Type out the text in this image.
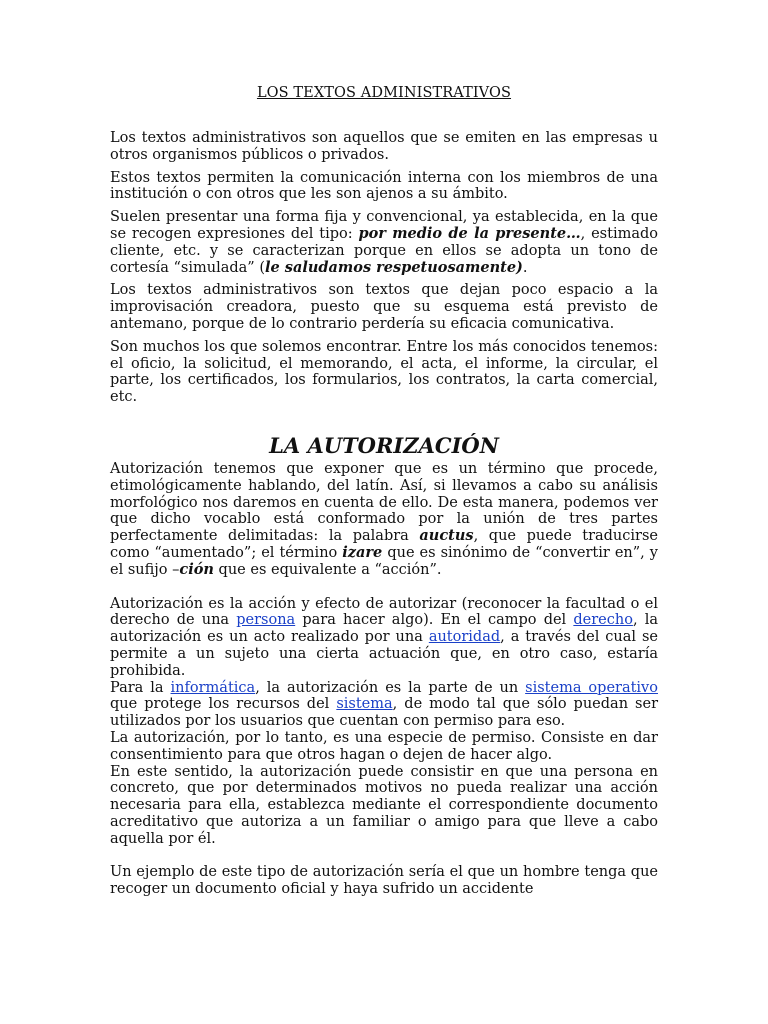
LOS TEXTOS ADMINISTRATIVOS

Los textos administrativos son aquellos que se emiten en las empresas u otros organismos públicos o privados.

Estos textos permiten la comunicación interna con los miembros de una institución o con otros que les son ajenos a su ámbito.

Suelen presentar una forma fija y convencional, ya establecida, en la que se recogen expresiones del tipo: por medio de la presente…, estimado cliente, etc. y se caracterizan porque en ellos se adopta un tono de cortesía “simulada” (le saludamos respetuosamente).

Los textos administrativos son textos que dejan poco espacio a la improvisación creadora, puesto que su esquema está previsto de antemano, porque de lo contrario perdería su eficacia comunicativa.

Son muchos los que solemos encontrar. Entre los más conocidos tenemos: el oficio, la solicitud, el memorando, el acta, el informe, la circular, el parte, los certificados, los formularios, los contratos, la carta comercial, etc.

LA AUTORIZACIÓN

Autorización tenemos que exponer que es un término que procede, etimológicamente hablando, del latín. Así, si llevamos a cabo su análisis morfológico nos daremos en cuenta de ello. De esta manera, podemos ver que dicho vocablo está conformado por la unión de tres partes perfectamente delimitadas: la palabra auctus, que puede traducirse como “aumentado”; el término izare que es sinónimo de “convertir en”, y el sufijo –ción que es equivalente a “acción”.

Autorización es la acción y efecto de autorizar (reconocer la facultad o el derecho de una persona para hacer algo). En el campo del derecho, la autorización es un acto realizado por una autoridad, a través del cual se permite a un sujeto una cierta actuación que, en otro caso, estaría prohibida.

Para la informática, la autorización es la parte de un sistema operativo que protege los recursos del sistema, de modo tal que sólo puedan ser utilizados por los usuarios que cuentan con permiso para eso.

La autorización, por lo tanto, es una especie de permiso. Consiste en dar consentimiento para que otros hagan o dejen de hacer algo.

En este sentido, la autorización puede consistir en que una persona en concreto, que por determinados motivos no pueda realizar una acción necesaria para ella, establezca mediante el correspondiente documento acreditativo que autoriza a un familiar o amigo para que lleve a cabo aquella por él.

Un ejemplo de este tipo de autorización sería el que un hombre tenga que recoger un documento oficial y haya sufrido un accidente
